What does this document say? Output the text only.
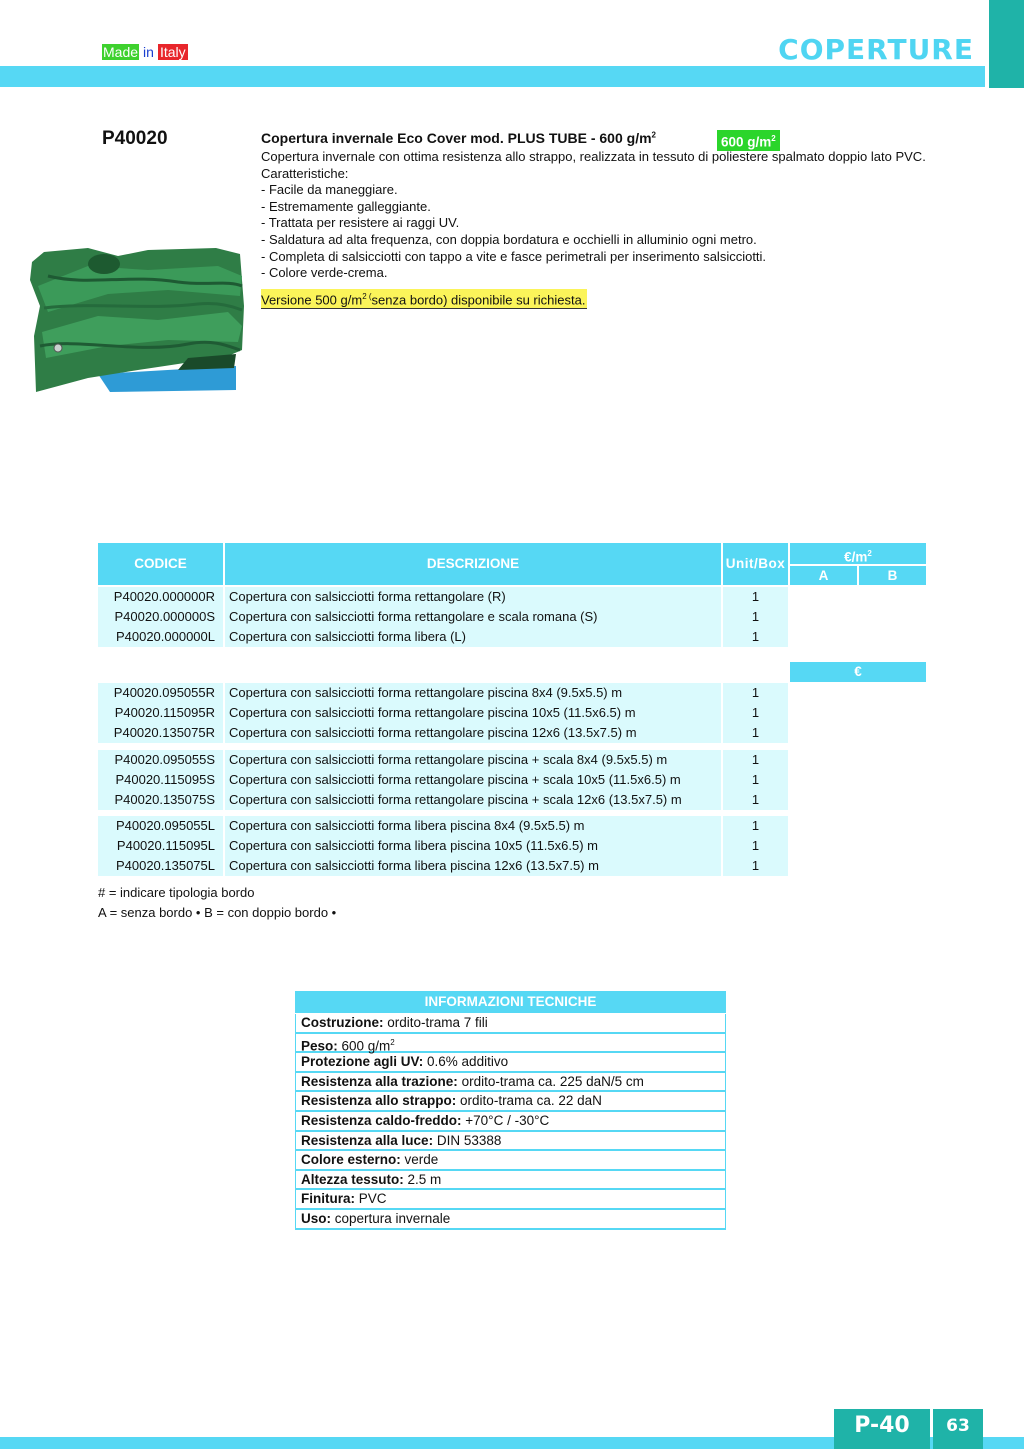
Made in Italy	COPERTURE
P40020	Copertura invernale Eco Cover mod. PLUS TUBE - 600 $g/m^2$	600 $g/m^2$
Copertura invernale con ottima resistenza allo strappo, realizzata in tessuto di poliestere spalmato doppio lato PVC.
Caratteristiche:
- Facile da maneggiare.
- Estremamente galleggiante.
- Trattata per resistere ai raggi UV.
- Saldatura ad alta frequenza, con doppia bordatura e occhielli in alluminio ogni metro.
- Completa di salsicciotti con tappo a vite e fasce perimetrali per inserimento salsicciotti.
- Colore verde-crema.
Versione 500 $g/m^{2 (}senza$ bordo) disponibile su richiesta.
CODICE	DESCRIZIONE	Unit/Box	$€/m^2$
A	B
P40020.000000R	Copertura con salsicciotti forma rettangolare (R)	1
P40020.000000S	Copertura con salsicciotti forma rettangolare e scala romana (S)	1
P40020.000000L	Copertura con salsicciotti forma libera (L)	1
€
P40020.095055R	Copertura con salsicciotti forma rettangolare piscina 8x4 (9.5x5.5) m	1
P40020.115095R	Copertura con salsicciotti forma rettangolare piscina 10x5 (11.5x6.5) m	1
P40020.135075R	Copertura con salsicciotti forma rettangolare piscina 12x6 (13.5x7.5) m	1
P40020.095055S	Copertura con salsicciotti forma rettangolare piscina + scala 8x4 (9.5x5.5) m	1
P40020.115095S	Copertura con salsicciotti forma rettangolare piscina + scala 10x5 (11.5x6.5) m	1
P40020.135075S	Copertura con salsicciotti forma rettangolare piscina + scala 12x6 (13.5x7.5) m	1
P40020.095055L	Copertura con salsicciotti forma libera piscina 8x4 (9.5x5.5) m	1
P40020.115095L	Copertura con salsicciotti forma libera piscina 10x5 (11.5x6.5) m	1
P40020.135075L	Copertura con salsicciotti forma libera piscina 12x6 (13.5x7.5) m	1
# = indicare tipologia bordo
A = senza bordo • B = con doppio bordo •
INFORMAZIONI TECNICHE
Costruzione: ordito-trama 7 fili
Peso: 600 $g/m^2$
Protezione agli UV: 0.6% additivo
Resistenza alla trazione: ordito-trama ca. 225 daN/5 cm
Resistenza allo strappo: ordito-trama ca. 22 daN
Resistenza caldo-freddo: +70°C / -30°C
Resistenza alla luce: DIN 53388
Colore esterno: verde
Altezza tessuto: 2.5 m
Finitura: PVC
Uso: copertura invernale
P-40	63
